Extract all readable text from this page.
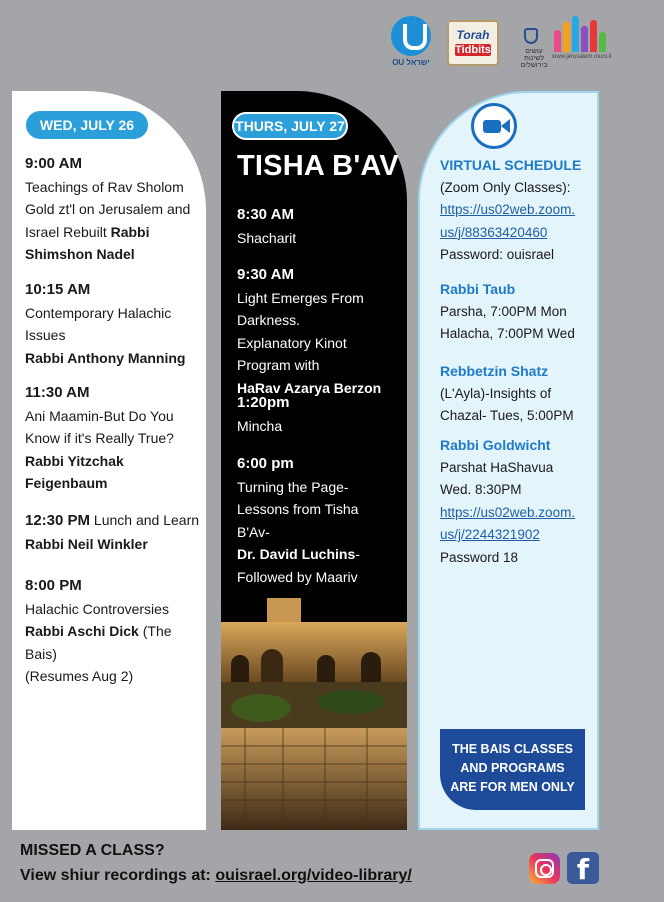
OU ישראל
Torah
Tidbits	עושים לשינות בירושלים
www.jerusalem.muni.il
WED, JULY 26
9:00 AM
Teachings of Rav Sholom Gold zt'l on Jerusalem and Israel Rebuilt Rabbi Shimshon Nadel
10:15 AM
Contemporary Halachic Issues
Rabbi Anthony Manning
11:30 AM
Ani Maamin-But Do You Know if it's Really True?
Rabbi Yitzchak Feigenbaum
12:30 PM Lunch and Learn
Rabbi Neil Winkler
8:00 PM
Halachic Controversies
Rabbi Aschi Dick (The Bais)
(Resumes Aug 2)
THURS, JULY 27
TISHA B'AV
8:30 AM
Shacharit
9:30 AM
Light Emerges From Darkness. Explanatory Kinot Program with
HaRav Azarya Berzon
1:20pm
Mincha
6:00 pm
Turning the Page- Lessons from Tisha B'Av-
Dr. David Luchins-
Followed by Maariv
VIRTUAL SCHEDULE
(Zoom Only Classes):
https://us02web.zoom.
us/j/88363420460
Password: ouisrael
Rabbi Taub
Parsha, 7:00PM Mon
Halacha, 7:00PM Wed
Rebbetzin Shatz
(L'Ayla)-Insights of
Chazal- Tues, 5:00PM
Rabbi Goldwicht
Parshat HaShavua
Wed. 8:30PM
https://us02web.zoom.
us/j/2244321902
Password 18
THE BAIS CLASSES
AND PROGRAMS
ARE FOR MEN ONLY
MISSED A CLASS?
View shiur recordings at: ouisrael.org/video-library/	f
